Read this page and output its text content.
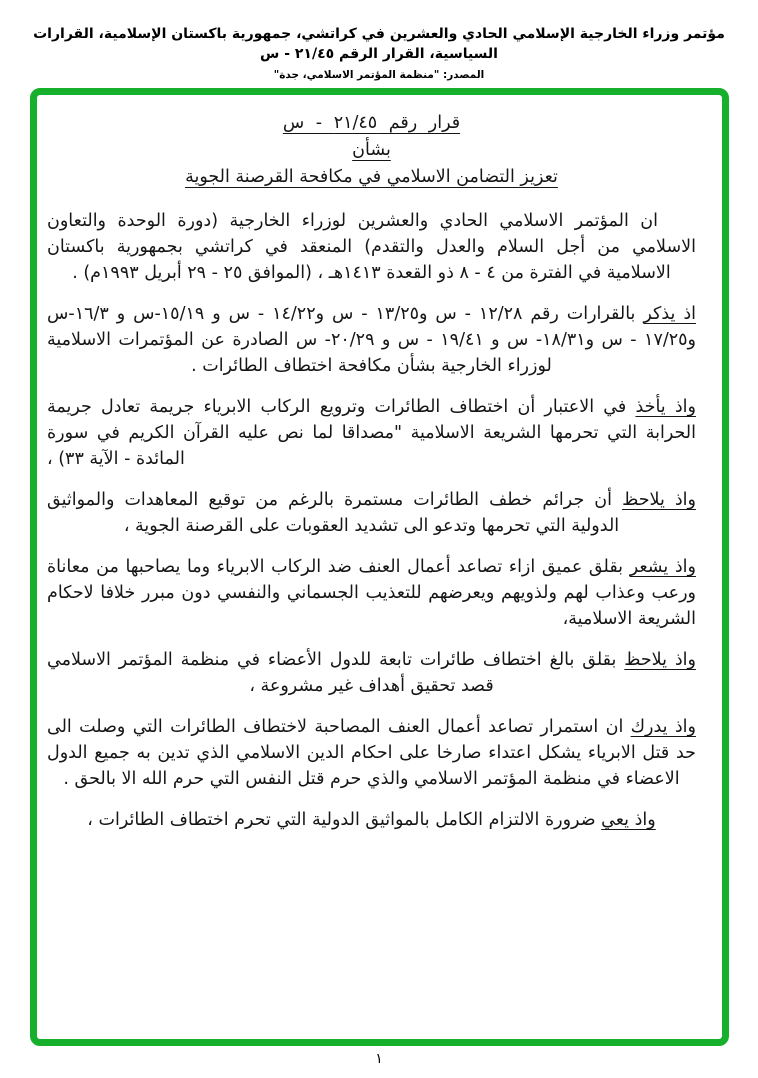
مؤتمر وزراء الخارجية الإسلامي الحادي والعشرين في كراتشي، جمهورية باكستان الإسلامية، القرارات السياسية، القرار الرقم ٢١/٤٥ - س
المصدر: "منظمة المؤتمر الاسلامي، جدة"
قرار رقم ٢١/٤٥ - س
بشأن
تعزيز التضامن الاسلامي في مكافحة القرصنة الجوية

ان المؤتمر الاسلامي الحادي والعشرين لوزراء الخارجية (دورة الوحدة والتعاون الاسلامي من أجل السلام والعدل والتقدم) المنعقد في كراتشي بجمهورية باكستان الاسلامية في الفترة من ٤ - ٨ ذو القعدة ١٤١٣هـ ، (الموافق ٢٥ - ٢٩ أبريل ١٩٩٣م) .

اذ يذكر بالقرارات رقم ١٢/٢٨ - س و١٣/٢٥ - س و١٤/٢٢ - س و ١٥/١٩-س و ١٦/٣-س و١٧/٢٥ - س و١٨/٣١- س و ١٩/٤١ - س و ٢٠/٢٩- س الصادرة عن المؤتمرات الاسلامية لوزراء الخارجية بشأن مكافحة اختطاف الطائرات .

واذ يأخذ في الاعتبار أن اختطاف الطائرات وترويع الركاب الابرياء جريمة تعادل جريمة الحرابة التي تحرمها الشريعة الاسلامية "مصداقا لما نص عليه القرآن الكريم في سورة المائدة - الآية ٣٣) ،

واذ يلاحظ أن جرائم خطف الطائرات مستمرة بالرغم من توقيع المعاهدات والمواثيق الدولية التي تحرمها وتدعو الى تشديد العقوبات على القرصنة الجوية ،

واذ يشعر بقلق عميق ازاء تصاعد أعمال العنف ضد الركاب الابرياء وما يصاحبها من معاناة ورعب وعذاب لهم ولذويهم ويعرضهم للتعذيب الجسماني والنفسي دون مبرر خلافا لاحكام الشريعة الاسلامية،

واذ يلاحظ بقلق بالغ اختطاف طائرات تابعة للدول الأعضاء في منظمة المؤتمر الاسلامي قصد تحقيق أهداف غير مشروعة ،

واذ يدرك ان استمرار تصاعد أعمال العنف المصاحبة لاختطاف الطائرات التي وصلت الى حد قتل الابرياء يشكل اعتداء صارخا على احكام الدين الاسلامي الذي تدين به جميع الدول الاعضاء في منظمة المؤتمر الاسلامي والذي حرم قتل النفس التي حرم الله الا بالحق .

واذ يعي ضرورة الالتزام الكامل بالمواثيق الدولية التي تحرم اختطاف الطائرات ،

١
